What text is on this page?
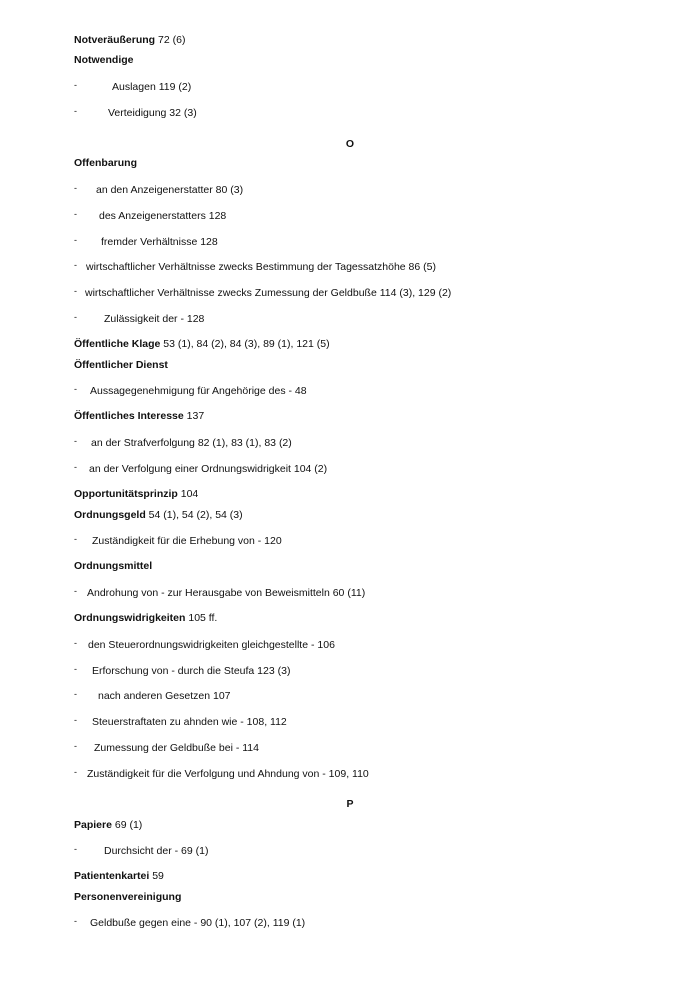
Notveräußerung 72 (6)
Notwendige
-	Auslagen 119 (2)
-	Verteidigung 32 (3)
O
Offenbarung
- an den Anzeigenerstatter 80 (3)
- des Anzeigenerstatters 128
- fremder Verhältnisse 128
- wirtschaftlicher Verhältnisse zwecks Bestimmung der Tagessatzhöhe 86 (5)
- wirtschaftlicher Verhältnisse zwecks Zumessung der Geldbuße 114 (3), 129 (2)
-	Zulässigkeit der - 128
Öffentliche Klage 53 (1), 84 (2), 84 (3), 89 (1), 121 (5)
Öffentlicher Dienst
- Aussagegenehmigung für Angehörige des - 48
Öffentliches Interesse 137
- an der Strafverfolgung 82 (1), 83 (1), 83 (2)
- an der Verfolgung einer Ordnungswidrigkeit 104 (2)
Opportunitätsprinzip 104
Ordnungsgeld 54 (1), 54 (2), 54 (3)
- Zuständigkeit für die Erhebung von - 120
Ordnungsmittel
- Androhung von - zur Herausgabe von Beweismitteln 60 (11)
Ordnungswidrigkeiten 105 ff.
- den Steuerordnungswidrigkeiten gleichgestellte - 106
- Erforschung von - durch die Steufa 123 (3)
- nach anderen Gesetzen 107
- Steuerstraftaten zu ahnden wie - 108, 112
- Zumessung der Geldbuße bei - 114
- Zuständigkeit für die Verfolgung und Ahndung von - 109, 110
P
Papiere 69 (1)
-	Durchsicht der - 69 (1)
Patientenkartei 59
Personenvereinigung
- Geldbuße gegen eine - 90 (1), 107 (2), 119 (1)
